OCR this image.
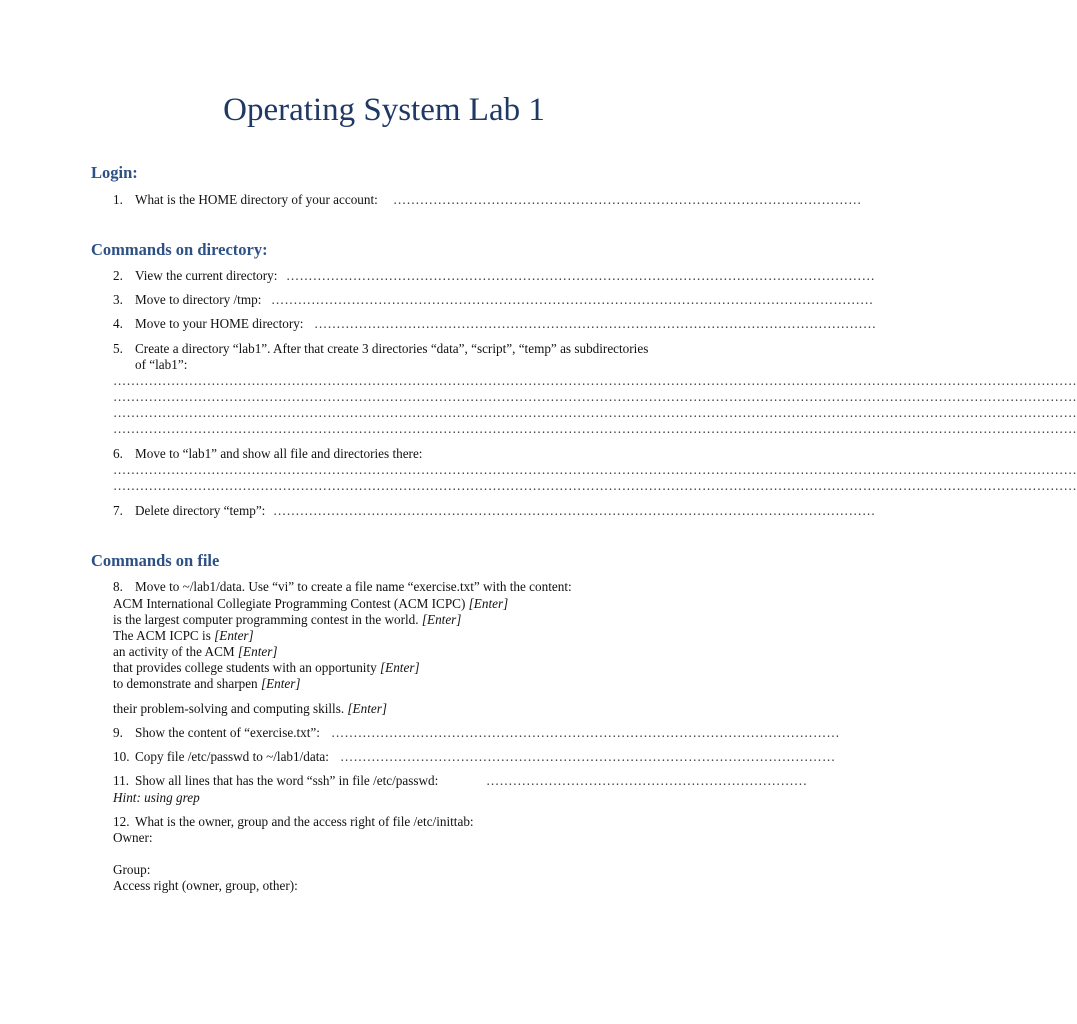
Operating System Lab 1
Login:
1. What is the HOME directory of your account: ……………………………………………………………………………………………
Commands on directory:
2. View the current directory: ……………………………………………………………………………………………………………………
3. Move to directory /tmp: ………………………………………………………………………………………………………………………
4. Move to your HOME directory: ………………………………………………………………………………………………………………
5. Create a directory “lab1”. After that create 3 directories “data”, “script”, “temp” as subdirectories
of “lab1”:
………………………………………………………………………………………………………………………………………………………………………………………………
………………………………………………………………………………………………………………………………………………………………………………………………
………………………………………………………………………………………………………………………………………………………………………………………………
………………………………………………………………………………………………………………………………………………………………………………………………
6. Move to “lab1” and show all file and directories there:
………………………………………………………………………………………………………………………………………………………………………………………………
………………………………………………………………………………………………………………………………………………………………………………………………
7. Delete directory “temp”: ………………………………………………………………………………………………………………………
Commands on file
8. Move to ~/lab1/data. Use “vi” to create a file name “exercise.txt” with the content:
ACM International Collegiate Programming Contest (ACM ICPC) [Enter]
is the largest computer programming contest in the world. [Enter]
The ACM ICPC is [Enter]
an activity of the ACM [Enter]
that provides college students with an opportunity [Enter]
to demonstrate and sharpen [Enter]
their problem-solving and computing skills. [Enter]
9. Show the content of “exercise.txt”: ……………………………………………………………………………………………………
10. Copy file /etc/passwd to ~/lab1/data: …………………………………………………………………………………………………
11. Show all lines that has the word “ssh” in file /etc/passwd:	………………………………………………………………
Hint: using grep
12. What is the owner, group and the access right of file /etc/inittab:
Owner:
Group:
Access right (owner, group, other):
